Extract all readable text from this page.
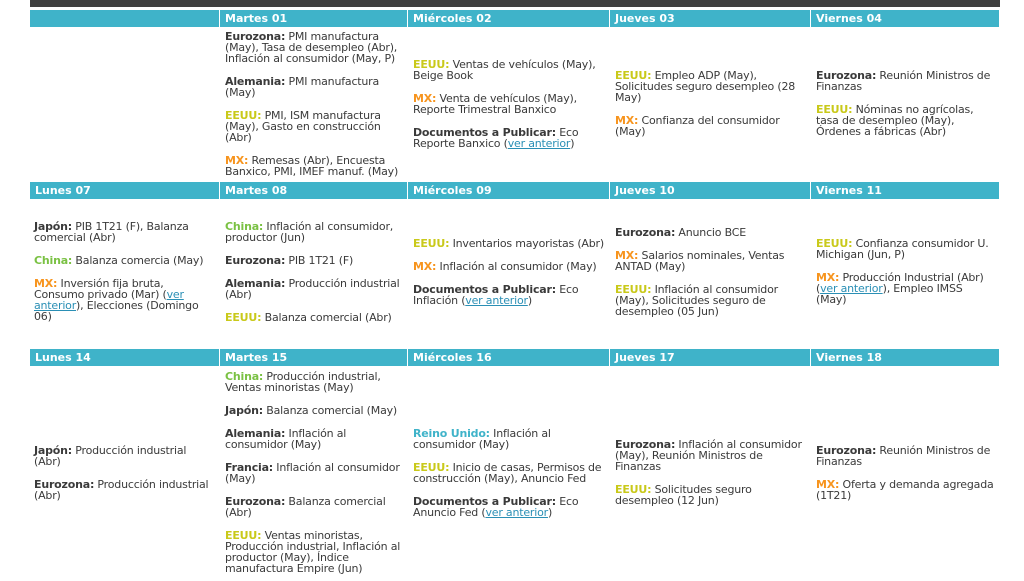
Martes 01
Eurozona: PMI manufactura (May), Tasa de desempleo (Abr), Inflación al consumidor (May, P)
Alemania: PMI manufactura (May)
EEUU: PMI, ISM manufactura (May), Gasto en construcción (Abr)
MX: Remesas (Abr), Encuesta Banxico, PMI, IMEF manuf. (May)
Miércoles 02
EEUU: Ventas de vehículos (May), Beige Book
MX: Venta de vehículos (May), Reporte Trimestral Banxico
Documentos a Publicar: Eco Reporte Banxico (ver anterior)
Jueves 03
EEUU: Empleo ADP (May), Solicitudes seguro desempleo (28 May)
MX: Confianza del consumidor (May)
Viernes 04
Eurozona: Reunión Ministros de Finanzas
EEUU: Nóminas no agrícolas, tasa de desempleo (May), Órdenes a fábricas (Abr)
Lunes 07
Japón: PIB 1T21 (F), Balanza comercial (Abr)
China: Balanza comercia (May)
MX: Inversión fija bruta, Consumo privado (Mar) (ver anterior), Elecciones (Domingo 06)
Martes 08
China: Inflación al consumidor, productor (Jun)
Eurozona: PIB 1T21 (F)
Alemania: Producción industrial (Abr)
EEUU: Balanza comercial (Abr)
Miércoles 09
EEUU: Inventarios mayoristas (Abr)
MX: Inflación al consumidor (May)
Documentos a Publicar: Eco Inflación (ver anterior)
Jueves 10
Eurozona: Anuncio BCE
MX: Salarios nominales, Ventas ANTAD (May)
EEUU: Inflación al consumidor (May), Solicitudes seguro de desempleo (05 Jun)
Viernes 11
EEUU: Confianza consumidor U. Michigan (Jun, P)
MX: Producción Industrial (Abr) (ver anterior), Empleo IMSS (May)
Lunes 14
Japón: Producción industrial (Abr)
Eurozona: Producción industrial (Abr)
Martes 15
China: Producción industrial, Ventas minoristas (May)
Japón: Balanza comercial (May)
Alemania: Inflación al consumidor (May)
Francia: Inflación al consumidor (May)
Eurozona: Balanza comercial (Abr)
EEUU: Ventas minoristas, Producción industrial, Inflación al productor (May), Índice manufactura Empire (Jun)
Miércoles 16
Reino Unido: Inflación al consumidor (May)
EEUU: Inicio de casas, Permisos de construcción (May), Anuncio Fed
Documentos a Publicar: Eco Anuncio Fed (ver anterior)
Jueves 17
Eurozona: Inflación al consumidor (May), Reunión Ministros de Finanzas
EEUU: Solicitudes seguro desempleo (12 Jun)
Viernes 18
Eurozona: Reunión Ministros de Finanzas
MX: Oferta y demanda agregada (1T21)
